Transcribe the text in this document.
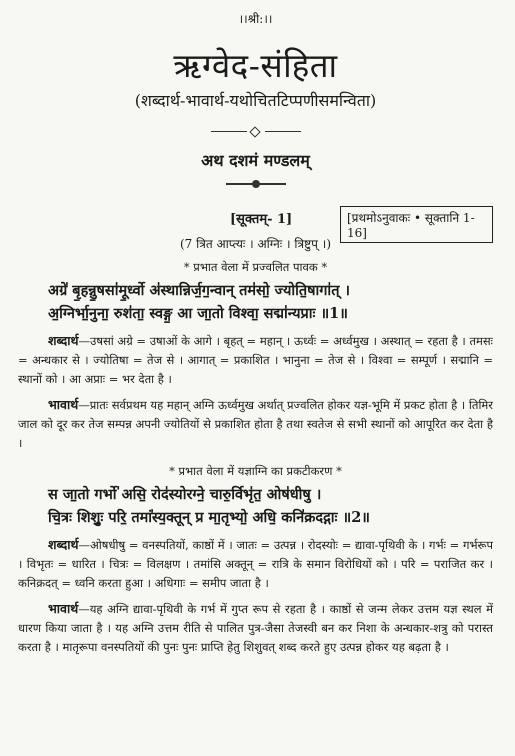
।।श्री:।।
ऋग्वेद-संहिता
(शब्दार्थ-भावार्थ-यथोचितटिप्पणीसमन्विता)
अथ दशमं मण्डलम्
[सूक्तम्- 1]	[प्रथमोऽनुवाकः • सूक्तानि 1-16]
(7 त्रित आप्त्यः । अग्निः । त्रिष्टुप् ।)
* प्रभात वेला में प्रज्वलित पावक *
अग्रे॑ बृ॒हन्नु॒षसा॑मू॒र्ध्वो अ॑स्थान्निर्ज॒ग॒न्वान् तम॑सो॒ ज्योति॒षागा॑त् ।
अ॒ग्निर्भा॒नुना॒ रुश॑ता॒ स्वङ्ग॒ आ जा॒तो विश्वा॒ सद्मा॑न्यप्राः ॥1॥
शब्दार्थ—उषसां अग्रे = उषाओं के आगे । बृहत् = महान् । ऊर्ध्वः = अर्ध्वमुख । अस्थात् = रहता है । तमसः = अन्धकार से । ज्योतिषा = तेज से । आगात् = प्रकाशित । भानुना = तेज से । विश्वा = सम्पूर्ण । सद्मानि = स्थानों को । आ अप्राः = भर देता है ।
भावार्थ—प्रातः सर्वप्रथम यह महान् अग्नि ऊर्ध्वमुख अर्थात् प्रज्वलित होकर यज्ञ-भूमि में प्रकट होता है । तिमिर जाल को दूर कर तेज सम्पन्न अपनी ज्योतियों से प्रकाशित होता है तथा स्वतेज से सभी स्थानों को आपूरित कर देता है ।
* प्रभात वेला में यज्ञाग्नि का प्रकटीकरण *
स जा॒तो गर्भो॑ असि॒ रोद॑स्योरग्ने॒ चारु॒र्विभृ॑त॒ ओष॑धीषु ।
चि॒त्रः शिशुः॒ परि॒ तमां॑स्य॒क्तून् प्र मा॒तृभ्यो॒ अधि॒ कनि॑क्रदद्गाः ॥2॥
शब्दार्थ—ओषधीषु = वनस्पतियों, काष्ठों में । जातः = उत्पन्न । रोदस्योः = द्यावा-पृथिवी के । गर्भः = गर्भरूप । विभृतः = धारित । चित्रः = विलक्षण । तमांसि अक्तून् = रात्रि के समान विरोधियों को । परि = पराजित कर । कनिक्रदत् = ध्वनि करता हुआ । अधिगाः = समीप जाता है ।
भावार्थ—यह अग्नि द्यावा-पृथिवी के गर्भ में गुप्त रूप से रहता है । काष्ठों से जन्म लेकर उत्तम यज्ञ स्थल में धारण किया जाता है । यह अग्नि उत्तम रीति से पालित पुत्र-जैसा तेजस्वी बन कर निशा के अन्धकार-शत्रु को परास्त करता है । मातृरूपा वनस्पतियों की पुनः पुनः प्राप्ति हेतु शिशुवत् शब्द करते हुए उत्पन्न होकर यह बढ़ता है ।
